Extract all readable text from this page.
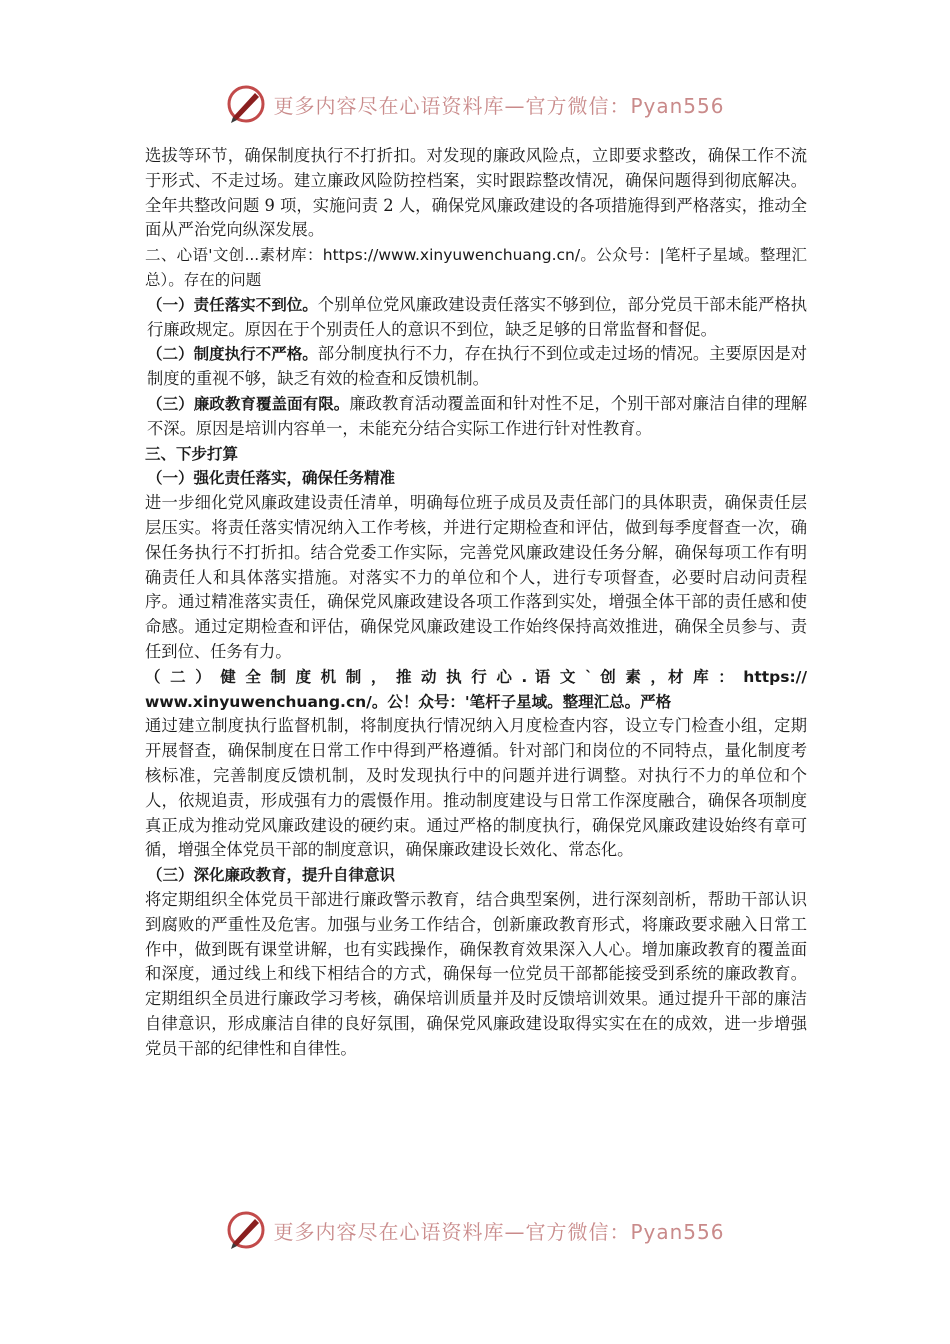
更多内容尽在心语资料库—官方微信：Pyan556

选拔等环节，确保制度执行不打折扣。对发现的廉政风险点，立即要求整改，确保工作不流于形式、不走过场。建立廉政风险防控档案，实时跟踪整改情况，确保问题得到彻底解决。全年共整改问题 9 项，实施问责 2 人，确保党风廉政建设的各项措施得到严格落实，推动全面从严治党向纵深发展。

二、心语'文创...素材库：https://www.xinyuwenchuang.cn/。公众号：|笔杆子星域。整理汇总）。存在的问题

（一）责任落实不到位。个别单位党风廉政建设责任落实不够到位，部分党员干部未能严格执行廉政规定。原因在于个别责任人的意识不到位，缺乏足够的日常监督和督促。

（二）制度执行不严格。部分制度执行不力，存在执行不到位或走过场的情况。主要原因是对制度的重视不够，缺乏有效的检查和反馈机制。

（三）廉政教育覆盖面有限。廉政教育活动覆盖面和针对性不足，个别干部对廉洁自律的理解不深。原因是培训内容单一，未能充分结合实际工作进行针对性教育。

三、下步打算

（一）强化责任落实，确保任务精准

进一步细化党风廉政建设责任清单，明确每位班子成员及责任部门的具体职责，确保责任层层压实。将责任落实情况纳入工作考核，并进行定期检查和评估，做到每季度督查一次，确保任务执行不打折扣。结合党委工作实际，完善党风廉政建设任务分解，确保每项工作有明确责任人和具体落实措施。对落实不力的单位和个人，进行专项督查，必要时启动问责程序。通过精准落实责任，确保党风廉政建设各项工作落到实处，增强全体干部的责任感和使命感。通过定期检查和评估，确保党风廉政建设工作始终保持高效推进，确保全员参与、责任到位、任务有力。

（ 二 ） 健 全 制 度 机 制 ， 推 动 执 行 心 . 语 文 ` 创 素 ，材 库 ： https://

www.xinyuwenchuang.cn/。公！众号：'笔杆子星域。整理汇总。严格

通过建立制度执行监督机制，将制度执行情况纳入月度检查内容，设立专门检查小组，定期开展督查，确保制度在日常工作中得到严格遵循。针对部门和岗位的不同特点，量化制度考核标准，完善制度反馈机制，及时发现执行中的问题并进行调整。对执行不力的单位和个人，依规追责，形成强有力的震慑作用。推动制度建设与日常工作深度融合，确保各项制度真正成为推动党风廉政建设的硬约束。通过严格的制度执行，确保党风廉政建设始终有章可循，增强全体党员干部的制度意识，确保廉政建设长效化、常态化。

（三）深化廉政教育，提升自律意识

将定期组织全体党员干部进行廉政警示教育，结合典型案例，进行深刻剖析，帮助干部认识到腐败的严重性及危害。加强与业务工作结合，创新廉政教育形式，将廉政要求融入日常工作中，做到既有课堂讲解，也有实践操作，确保教育效果深入人心。增加廉政教育的覆盖面和深度，通过线上和线下相结合的方式，确保每一位党员干部都能接受到系统的廉政教育。定期组织全员进行廉政学习考核，确保培训质量并及时反馈培训效果。通过提升干部的廉洁自律意识，形成廉洁自律的良好氛围，确保党风廉政建设取得实实在在的成效，进一步增强党员干部的纪律性和自律性。

更多内容尽在心语资料库—官方微信：Pyan556
